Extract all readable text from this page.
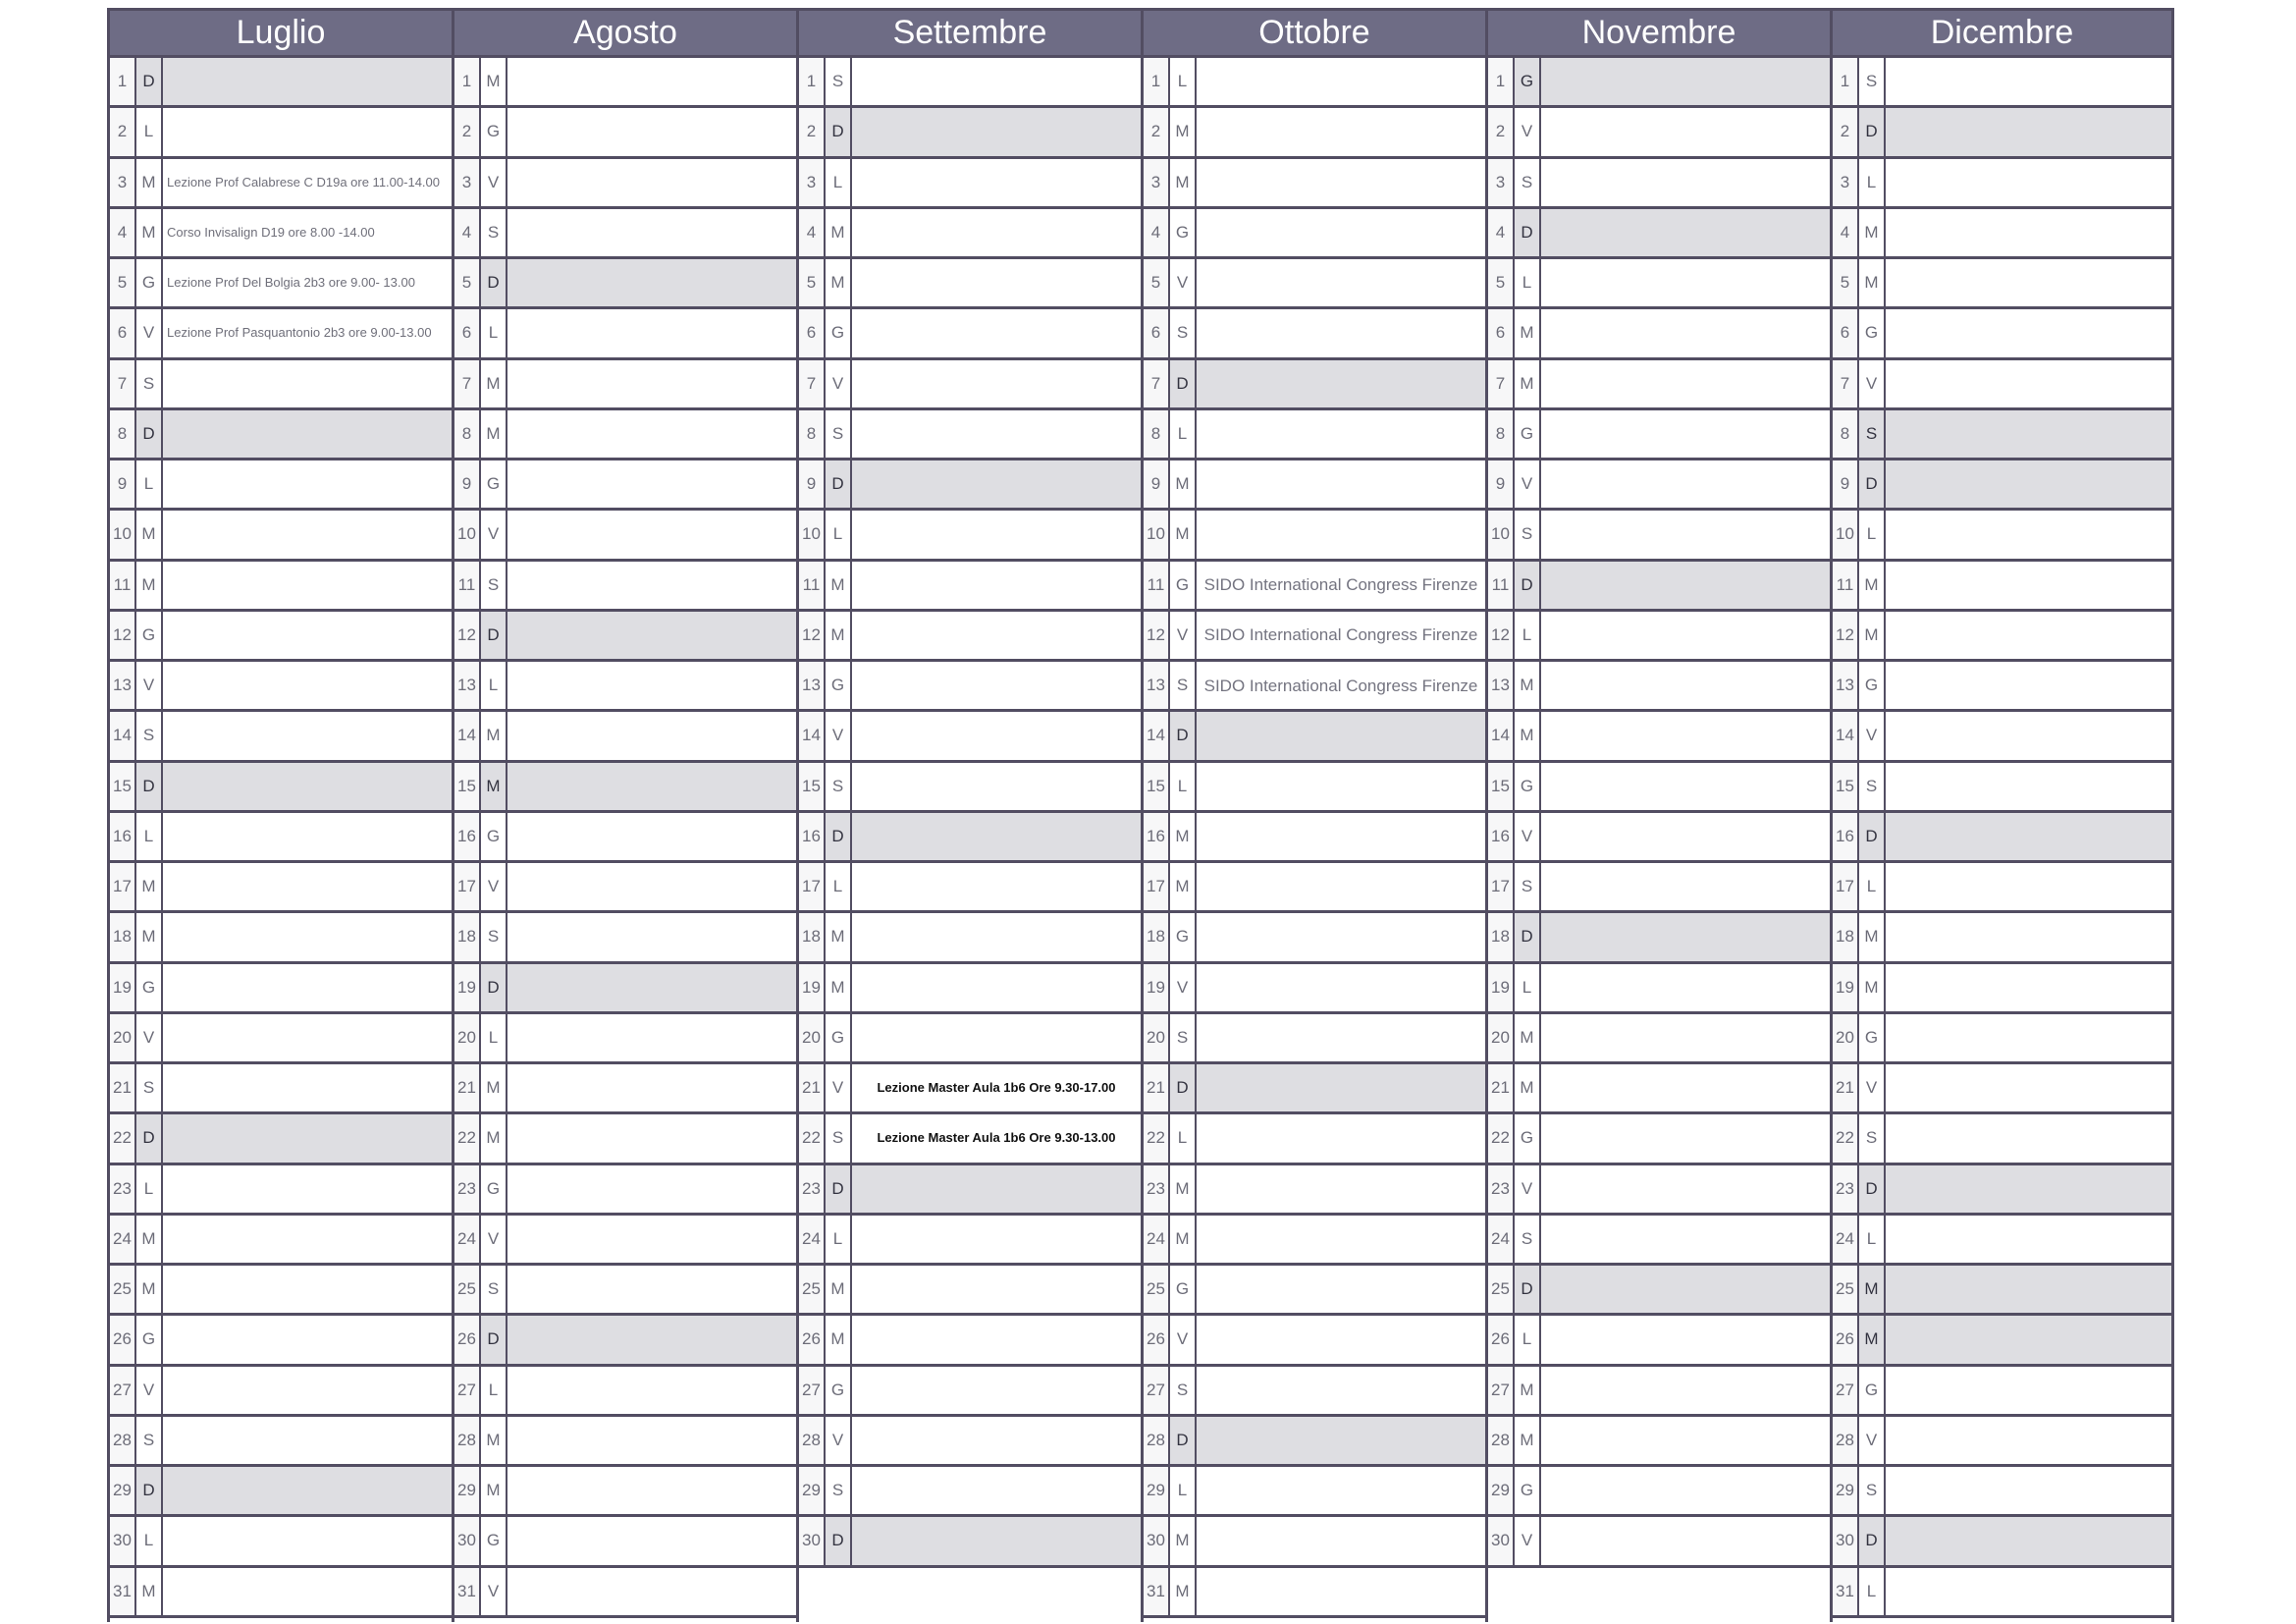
Luglio
1 D
2	L
3 M Lezione Prof Calabrese C D19a ore 11.00-14.00
4 M Corso Invisalign D19 ore 8.00 -14.00
5 G Lezione Prof Del Bolgia 2b3 ore 9.00- 13.00
6 V Lezione Prof Pasquantonio 2b3 ore 9.00-13.00
7 S
8 D
9	L
10 M
11 M
12 G
13 V
14 S
15 D
16 L
17 M
18 M
19 G
20 V
21 S
22 D
23 L
24 M
25 M
26 G
27 V
28 S
29 D
30 L
31 M
Agosto
1 M
2 G
3 V
4 S
5 D
6	L
7 M
8 M
9 G
10 V
11 S
12 D
13 L
14 M
15 M
16 G
17 V
18 S
19 D
20 L
21 M
22 M
23 G
24 V
25 S
26 D
27 L
28 M
29 M
30 G
31 V
Settembre
1 S
2 D
3	L
4 M
5 M
6 G
7 V
8 S
9 D
10 L
11 M
12 M
13 G
14 V
15 S
16 D
17 L
18 M
19 M
20 G
21 V	Lezione Master Aula 1b6 Ore 9.30-17.00
22 S	Lezione Master Aula 1b6 Ore 9.30-13.00
23 D
24 L
25 M
26 M
27 G
28 V
29 S
30 D
Ottobre
1	L
2 M
3 M
4 G
5 V
6 S
7 D
8	L
9 M
10 M
11 G SIDO International Congress Firenze
12 V SIDO International Congress Firenze
13 S SIDO International Congress Firenze
14 D
15 L
16 M
17 M
18 G
19 V
20 S
21 D
22 L
23 M
24 M
25 G
26 V
27 S
28 D
29 L
30 M
31 M
Novembre
1 G
2 V
3 S
4 D
5	L
6 M
7 M
8 G
9 V
10 S
11 D
12 L
13 M
14 M
15 G
16 V
17 S
18 D
19 L
20 M
21 M
22 G
23 V
24 S
25 D
26 L
27 M
28 M
29 G
30 V
Dicembre
1 S
2 D
3	L
4 M
5 M
6 G
7 V
8 S
9 D
10 L
11 M
12 M
13 G
14 V
15 S
16 D
17 L
18 M
19 M
20 G
21 V
22 S
23 D
24 L
25 M
26 M
27 G
28 V
29 S
30 D
31 L
